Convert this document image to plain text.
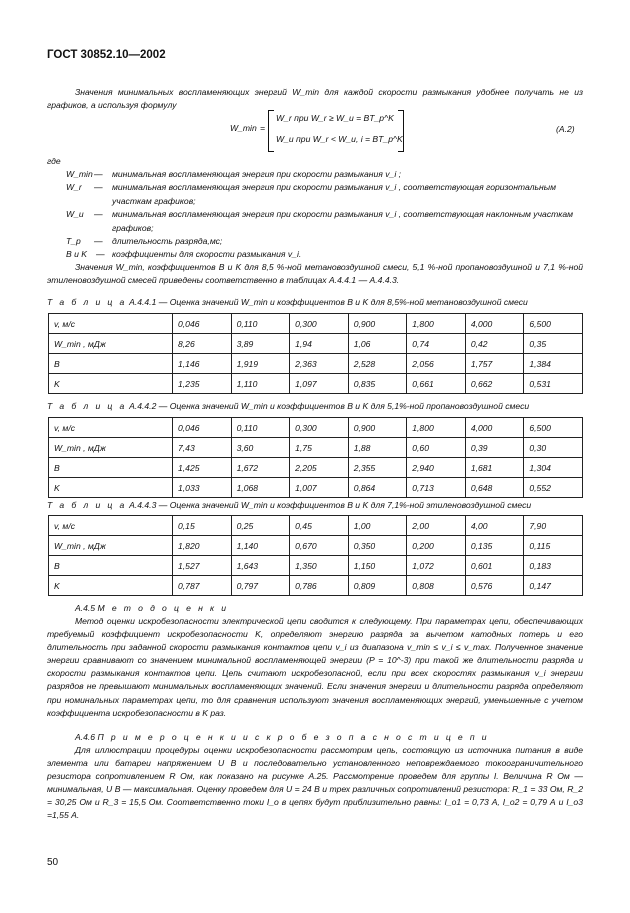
ГОСТ 30852.10—2002
Значения минимальных воспламеняющих энергий W_min для каждой скорости размыкания удобнее получать не из графиков, а используя формулу
W_min =
W_r при W_r ≥ W_и = BT_p^K
W_и при W_r < W_и, i = BT_p^K
(А.2)
где
W_min —	минимальная воспламеняющая энергия при скорости размыкания v_i ;
W_r	—	минимальная воспламеняющая энергия при скорости размыкания v_i , соответствующая горизонтальным участкам графиков;
W_и	—	минимальная воспламеняющая энергия при скорости размыкания v_i , соответствующая наклонным участкам графиков;
T_p	—	длительность разряда,мс;
B и K	— коэффициенты для скорости размыкания v_i.
Значения W_min, коэффициентов B и K для 8,5 %-ной метановоздушной смеси, 5,1 %-ной пропановоздушной и 7,1 %-ной этиленовоздушной смесей приведены соответственно в таблицах А.4.4.1 — А.4.4.3.
Т а б л и ц а А.4.4.1 — Оценка значений W_min и коэффициентов B и K для 8,5%-ной метановоздушной смеси
v, м/с	0,046	0,110	0,300	0,900	1,800	4,000	6,500
W_min , мДж	8,26	3,89	1,94	1,06	0,74	0,42	0,35
B	1,146	1,919	2,363	2,528	2,056	1,757	1,384
K	1,235	1,110	1,097	0,835	0,661	0,662	0,531
Т а б л и ц а А.4.4.2 — Оценка значений W_min и коэффициентов B и K для 5,1%-ной пропановоздушной смеси
v, м/с	0,046	0,110	0,300	0,900	1,800	4,000	6,500
W_min , мДж	7,43	3,60	1,75	1,88	0,60	0,39	0,30
B	1,425	1,672	2,205	2,355	2,940	1,681	1,304
K	1,033	1,068	1,007	0,864	0,713	0,648	0,552
Т а б л и ц а А.4.4.3 — Оценка значений W_min и коэффициентов B и K для 7,1%-ной этиленовоздушной смеси
v, м/с	0,15	0,25	0,45	1,00	2,00	4,00	7,90
W_min , мДж	1,820	1,140	0,670	0,350	0,200	0,135	0,115
B	1,527	1,643	1,350	1,150	1,072	0,601	0,183
K	0,787	0,797	0,786	0,809	0,808	0,576	0,147
А.4.5 М е т о д о ц е н к и
Метод оценки искробезопасности электрической цепи сводится к следующему. При параметрах цепи, обеспечивающих требуемый коэффициент искробезопасности K, определяют энергию разряда за вычетом катодных потерь и его длительность при заданной скорости размыкания контактов цепи v_i из диапазона v_min ≤ v_i ≤ v_max. Полученное значение энергии сравнивают со значением минимальной воспламеняющей энергии (P = 10^-3) при такой же длительности разряда и скорости размыкания контактов цепи. Цепь считают искробезопасной, если при всех скоростях размыкания v_i энергии разрядов не превышают минимальных воспламеняющих значений. Если значения энергии и длительности разряда определяют при номинальных параметрах цепи, то для сравнения используют значения воспламеняющих энергий, уменьшенные с учетом коэффициента искробезопасности в K раз.
А.4.6 П р и м е р о ц е н к и и с к р о б е з о п а с н о с т и ц е п и
Для иллюстрации процедуры оценки искробезопасности рассмотрим цепь, состоящую из источника питания в виде элемента или батареи напряжением U B и последовательно установленного неповреждаемого токоограничительного резистора сопротивлением R Ом, как показано на рисунке А.25. Рассмотрение проведем для группы I. Величина R Ом — минимальная, U B — максимальная. Оценку проведем для U = 24 B и трех различных сопротивлений резистора: R_1 = 33 Ом, R_2 = 30,25 Ом и R_3 = 15,5 Ом. Соответственно токи I_o в цепях будут приблизительно равны: I_o1 = 0,73 А, I_o2 = 0,79 А и I_o3 =1,55 А.
50
